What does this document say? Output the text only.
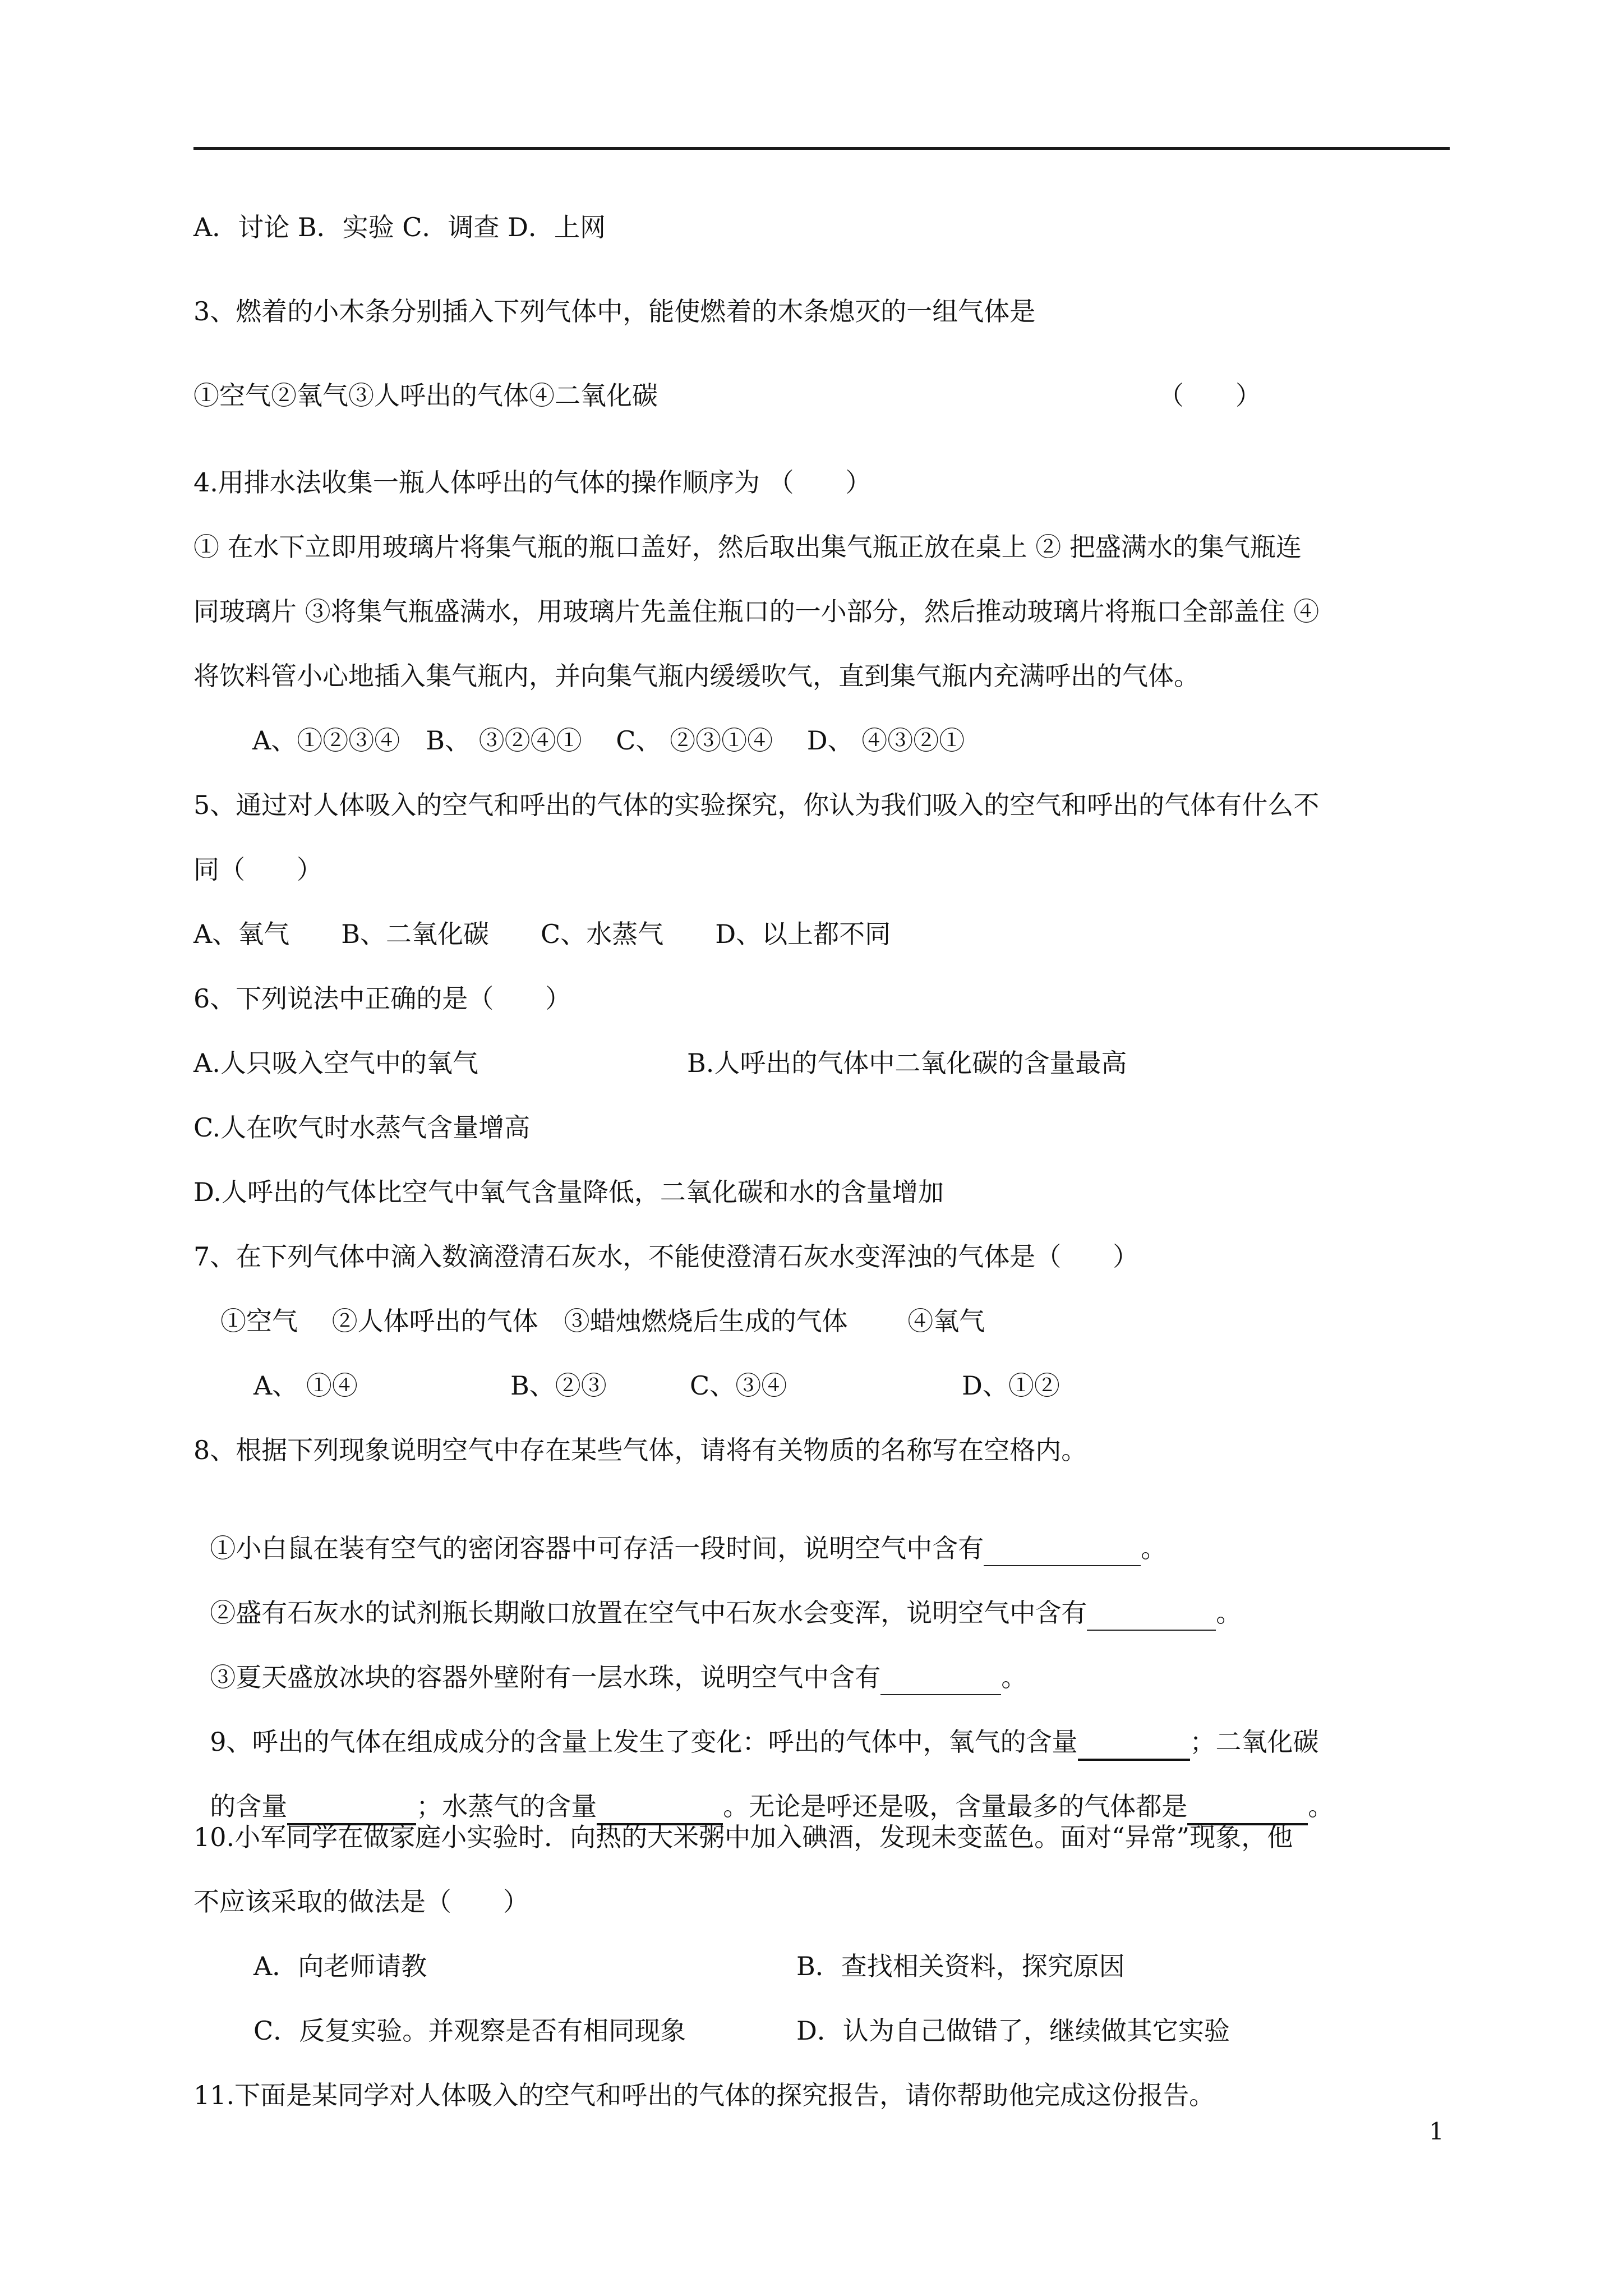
A．讨论 B．实验 C．调查 D．上网
3、燃着的小木条分别插入下列气体中，能使燃着的木条熄灭的一组气体是
①空气②氧气③人呼出的气体④二氧化碳	（　　）
4.用排水法收集一瓶人体呼出的气体的操作顺序为 （　　）
① 在水下立即用玻璃片将集气瓶的瓶口盖好，然后取出集气瓶正放在桌上 ② 把盛满水的集气瓶连
同玻璃片 ③将集气瓶盛满水，用玻璃片先盖住瓶口的一小部分，然后推动玻璃片将瓶口全部盖住 ④
将饮料管小心地插入集气瓶内，并向集气瓶内缓缓吹气，直到集气瓶内充满呼出的气体。
A、①②③④　B、 ③②④①　 C、 ②③①④ 　D、 ④③②①
5、通过对人体吸入的空气和呼出的气体的实验探究，你认为我们吸入的空气和呼出的气体有什么不
同（　　）
A、氧气　　B、二氧化碳　　C、水蒸气　　D、以上都不同
6、下列说法中正确的是（　　）
A.人只吸入空气中的氧气	B.人呼出的气体中二氧化碳的含量最高
C.人在吹气时水蒸气含量增高
D.人呼出的气体比空气中氧气含量降低，二氧化碳和水的含量增加
7、在下列气体中滴入数滴澄清石灰水，不能使澄清石灰水变浑浊的气体是（　　）
①空气　 ②人体呼出的气体　③蜡烛燃烧后生成的气体　　 ④氧气
A、 ①④	B、②③	C、③④	D、①②
8、根据下列现象说明空气中存在某些气体，请将有关物质的名称写在空格内。

①小白鼠在装有空气的密闭容器中可存活一段时间，说明空气中含有	。

②盛有石灰水的试剂瓶长期敞口放置在空气中石灰水会变浑，说明空气中含有	。

③夏天盛放冰块的容器外壁附有一层水珠，说明空气中含有	。

9、呼出的气体在组成成分的含量上发生了变化：呼出的气体中，氧气的含量	；二氧化碳

的含量	；水蒸气的含量	。无论是呼还是吸，含量最多的气体都是	。

10.小军同学在做家庭小实验时．向热的大米粥中加入碘酒，发现未变蓝色。面对“异常”现象，他
不应该采取的做法是（　　）
A．向老师请教	B．查找相关资料，探究原因
C．反复实验。并观察是否有相同现象	D．认为自己做错了，继续做其它实验
11.下面是某同学对人体吸入的空气和呼出的气体的探究报告，请你帮助他完成这份报告。
1
